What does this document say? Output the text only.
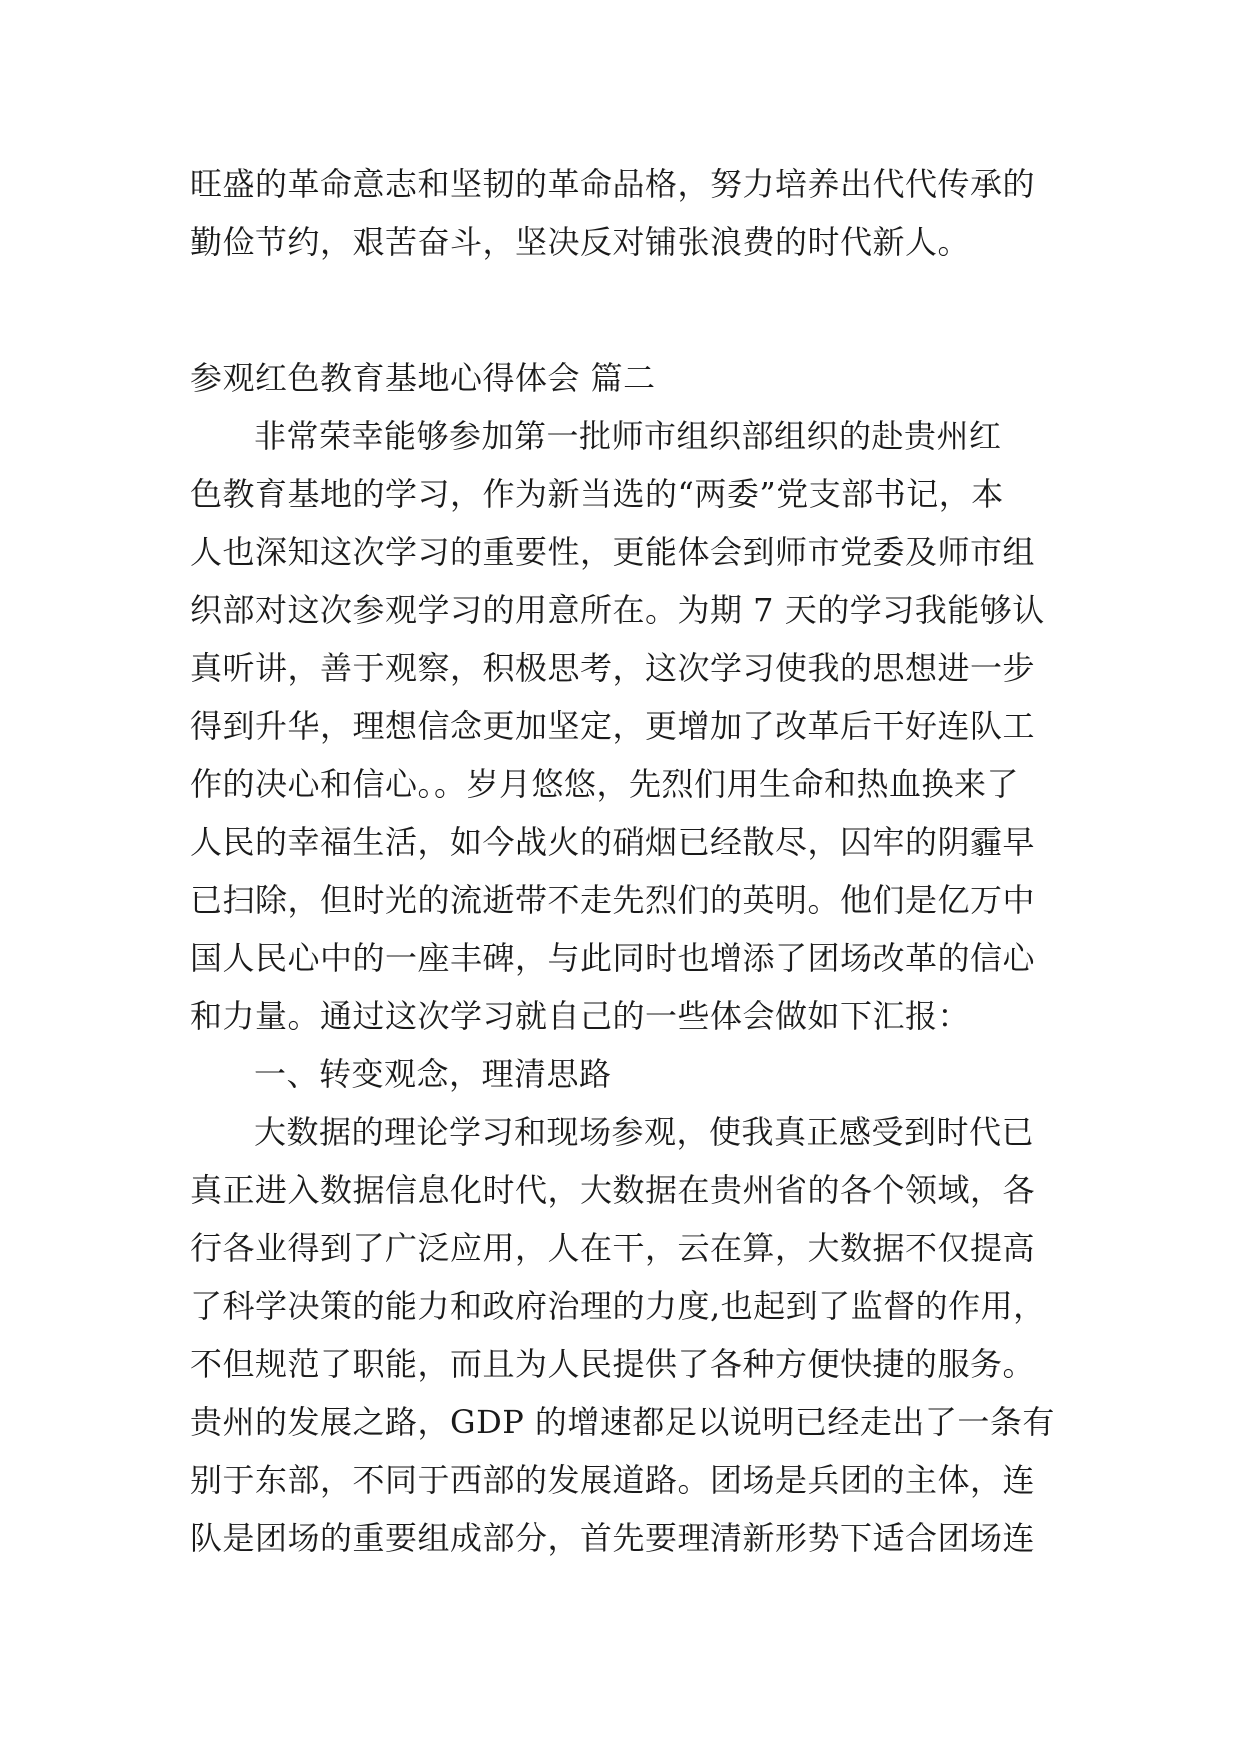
旺盛的革命意志和坚韧的革命品格，努力培养出代代传承的
勤俭节约，艰苦奋斗，坚决反对铺张浪费的时代新人。
参观红色教育基地心得体会 篇二
非常荣幸能够参加第一批师市组织部组织的赴贵州红
色教育基地的学习，作为新当选的“两委”党支部书记，本
人也深知这次学习的重要性，更能体会到师市党委及师市组
织部对这次参观学习的用意所在。为期 7 天的学习我能够认
真听讲，善于观察，积极思考，这次学习使我的思想进一步
得到升华，理想信念更加坚定，更增加了改革后干好连队工
作的决心和信心。。岁月悠悠，先烈们用生命和热血换来了
人民的幸福生活，如今战火的硝烟已经散尽，囚牢的阴霾早
已扫除，但时光的流逝带不走先烈们的英明。他们是亿万中
国人民心中的一座丰碑，与此同时也增添了团场改革的信心
和力量。通过这次学习就自己的一些体会做如下汇报：
一、转变观念，理清思路
大数据的理论学习和现场参观，使我真正感受到时代已
真正进入数据信息化时代，大数据在贵州省的各个领域，各
行各业得到了广泛应用，人在干，云在算，大数据不仅提高
了科学决策的能力和政府治理的力度,也起到了监督的作用，
不但规范了职能，而且为人民提供了各种方便快捷的服务。
贵州的发展之路，GDP 的增速都足以说明已经走出了一条有
别于东部，不同于西部的发展道路。团场是兵团的主体，连
队是团场的重要组成部分，首先要理清新形势下适合团场连
